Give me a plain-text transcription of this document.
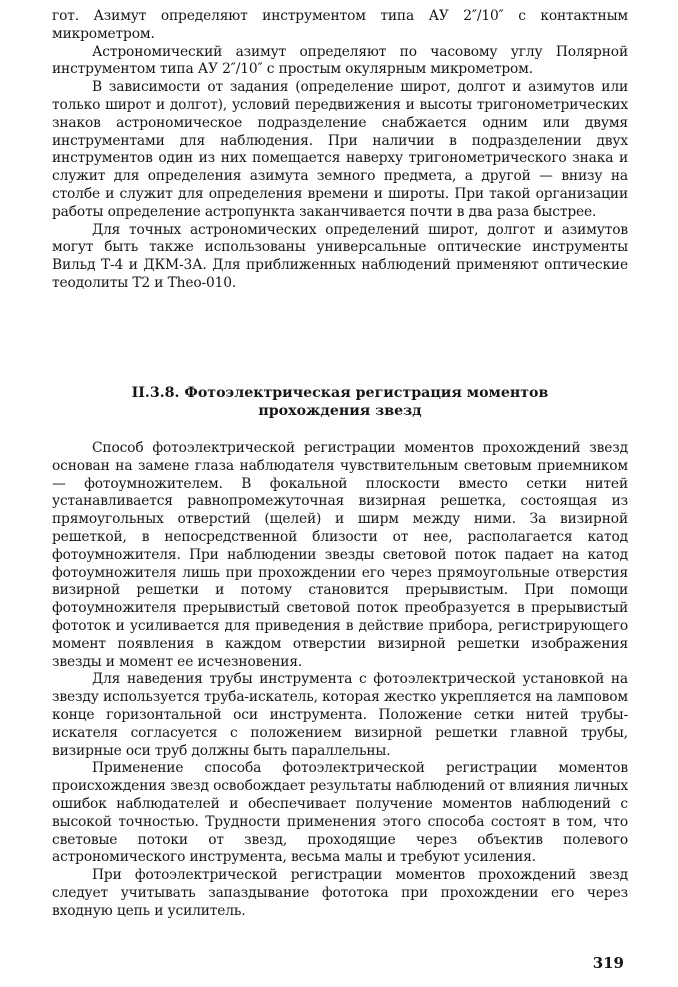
гот. Азимут определяют инструментом типа АУ 2″/10″ с контактным микрометром.

Астрономический азимут определяют по часовому углу Полярной инструментом типа АУ 2″/10″ с простым окулярным микрометром.

В зависимости от задания (определение широт, долгот и азимутов или только широт и долгот), условий передвижения и высоты тригонометрических знаков астрономическое подразделение снабжается одним или двумя инструментами для наблюдения. При наличии в подразделении двух инструментов один из них помещается наверху тригонометрического знака и служит для определения азимута земного предмета, а другой — внизу на столбе и служит для определения времени и широты. При такой организации работы определение астропункта заканчивается почти в два раза быстрее.

Для точных астрономических определений широт, долгот и азимутов могут быть также использованы универсальные оптические инструменты Вильд Т-4 и ДКМ-3А. Для приближенных наблюдений применяют оптические теодолиты Т2 и Theo-010.

II.3.8. Фотоэлектрическая регистрация моментов
прохождения звезд

Способ фотоэлектрической регистрации моментов прохождений звезд основан на замене глаза наблюдателя чувствительным световым приемником — фотоумножителем. В фокальной плоскости вместо сетки нитей устанавливается равнопромежуточная визирная решетка, состоящая из прямоугольных отверстий (щелей) и ширм между ними. За визирной решеткой, в непосредственной близости от нее, располагается катод фотоумножителя. При наблюдении звезды световой поток падает на катод фотоумножителя лишь при прохождении его через прямоугольные отверстия визирной решетки и потому становится прерывистым. При помощи фотоумножителя прерывистый световой поток преобразуется в прерывистый фототок и усиливается для приведения в действие прибора, регистрирующего момент появления в каждом отверстии визирной решетки изображения звезды и момент ее исчезновения.

Для наведения трубы инструмента с фотоэлектрической установкой на звезду используется труба-искатель, которая жестко укрепляется на ламповом конце горизонтальной оси инструмента. Положение сетки нитей трубы-искателя согласуется с положением визирной решетки главной трубы, визирные оси труб должны быть параллельны.

Применение способа фотоэлектрической регистрации моментов происхождения звезд освобождает результаты наблюдений от влияния личных ошибок наблюдателей и обеспечивает получение моментов наблюдений с высокой точностью. Трудности применения этого способа состоят в том, что световые потоки от звезд, проходящие через объектив полевого астрономического инструмента, весьма малы и требуют усиления.

При фотоэлектрической регистрации моментов прохождений звезд следует учитывать запаздывание фототока при прохождении его через входную цепь и усилитель.

319
